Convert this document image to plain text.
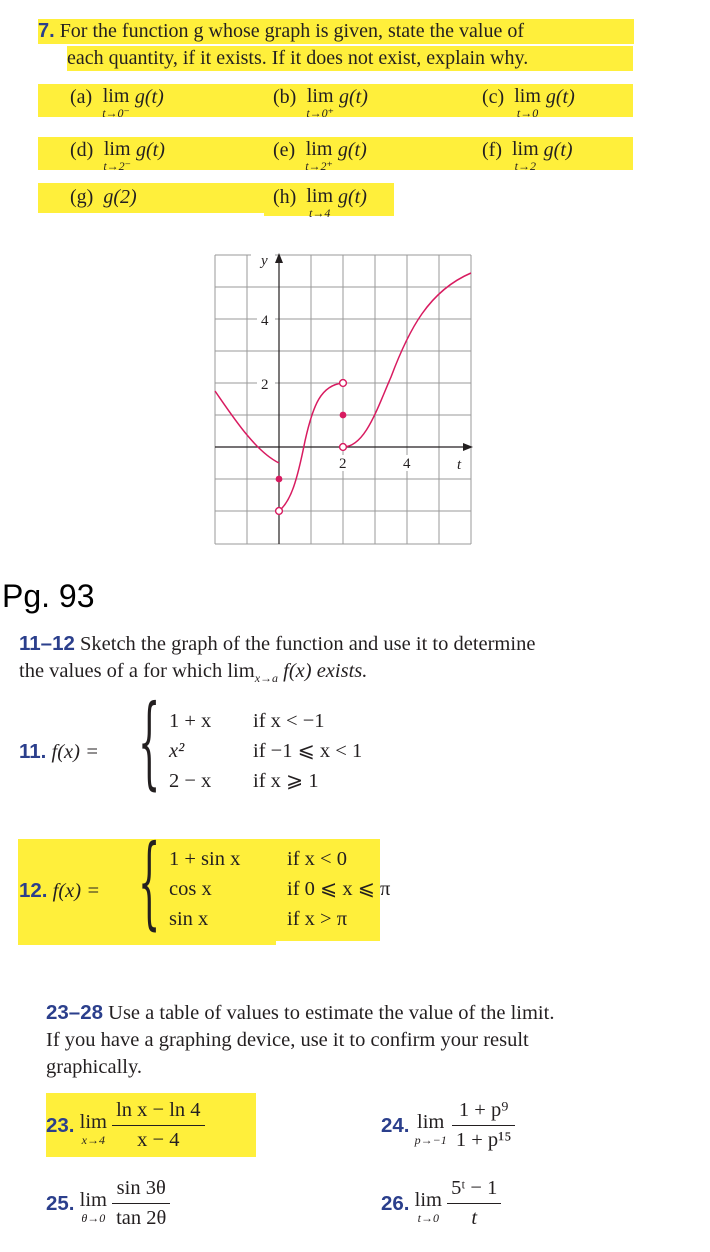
7. For the function g whose graph is given, state the value of
each quantity, if it exists. If it does not exist, explain why.
(a) lim
t→0⁻
g(t)	(b) lim
t→0⁺
g(t)	(c) lim
t→0
g(t)
(d) lim
t→2⁻
g(t)	(e) lim
t→2⁺
g(t)	(f) lim
t→2
g(t)
(g) g(2)	(h) lim
t→4
g(t)
y
t
4
2
2	4
Pg. 93
11–12 Sketch the graph of the function and use it to determine
the values of a for which $\lim_{x\to a} f(x)$ exists.
11. f(x) = { 1 + x if x < −1
x²	if −1 ⩽ x < 1
2 − x if x ⩾ 1
12. f(x) = { 1 + sin x if x < 0
cos x	if 0 ⩽ x ⩽ π
sin x	if x > π
23–28 Use a table of values to estimate the value of the limit.
If you have a graphing device, use it to confirm your result
graphically.
23.
lim
x→4
$\frac{\text{ln x − ln 4}}{x - 4}$	24.
lim
p→−1
$\frac{\text{1 + p⁹}}{\text{1 + p¹⁵}}$
25.
lim
θ→0
$\frac{\sin 3\theta}{\tan 2\theta}$	26.
lim
t→0
$\frac{\text{5ᵗ − 1}}{t}$
